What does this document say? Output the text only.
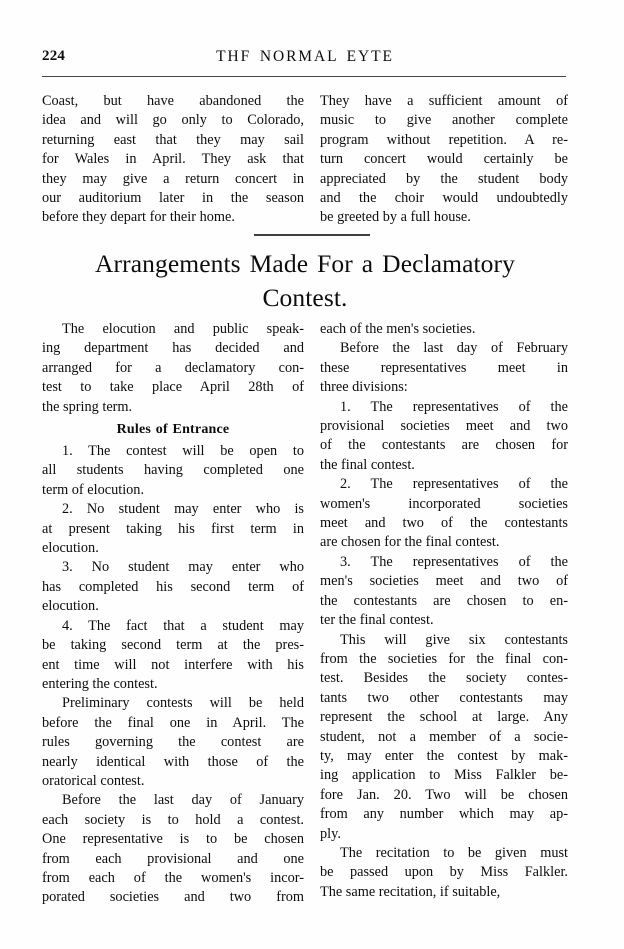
224	THF NORMAL EYTE
Coast, but have abandoned the
idea and will go only to Colorado,
returning east that they may sail
for Wales in April. They ask that
they may give a return concert in
our auditorium later in the season
before they depart for their home.
They have a sufficient amount of
music to give another complete
program without repetition. A re-
turn concert would certainly be
appreciated by the student body
and the choir would undoubtedly
be greeted by a full house.
Arrangements Made For a Declamatory
Contest.
The elocution and public speak-
ing department has decided and
arranged for a declamatory con-
test to take place April 28th of
the spring term.
Rules of Entrance
1. The contest will be open to
all students having completed one
term of elocution.
2. No student may enter who is
at present taking his first term in
elocution.
3. No student may enter who
has completed his second term of
elocution.
4. The fact that a student may
be taking second term at the pres-
ent time will not interfere with his
entering the contest.
Preliminary contests will be held
before the final one in April. The
rules governing the contest are
nearly identical with those of the
oratorical contest.
Before the last day of January
each society is to hold a contest.
One representative is to be chosen
from each provisional and one
from each of the women's incor-
porated societies and two from
each of the men's societies.
Before the last day of February
these representatives meet in
three divisions:
1. The representatives of the
provisional societies meet and two
of the contestants are chosen for
the final contest.
2. The representatives of the
women's incorporated societies
meet and two of the contestants
are chosen for the final contest.
3. The representatives of the
men's societies meet and two of
the contestants are chosen to en-
ter the final contest.
This will give six contestants
from the societies for the final con-
test. Besides the society contes-
tants two other contestants may
represent the school at large. Any
student, not a member of a socie-
ty, may enter the contest by mak-
ing application to Miss Falkler be-
fore Jan. 20. Two will be chosen
from any number which may ap-
ply.
The recitation to be given must
be passed upon by Miss Falkler.
The same recitation, if suitable,
